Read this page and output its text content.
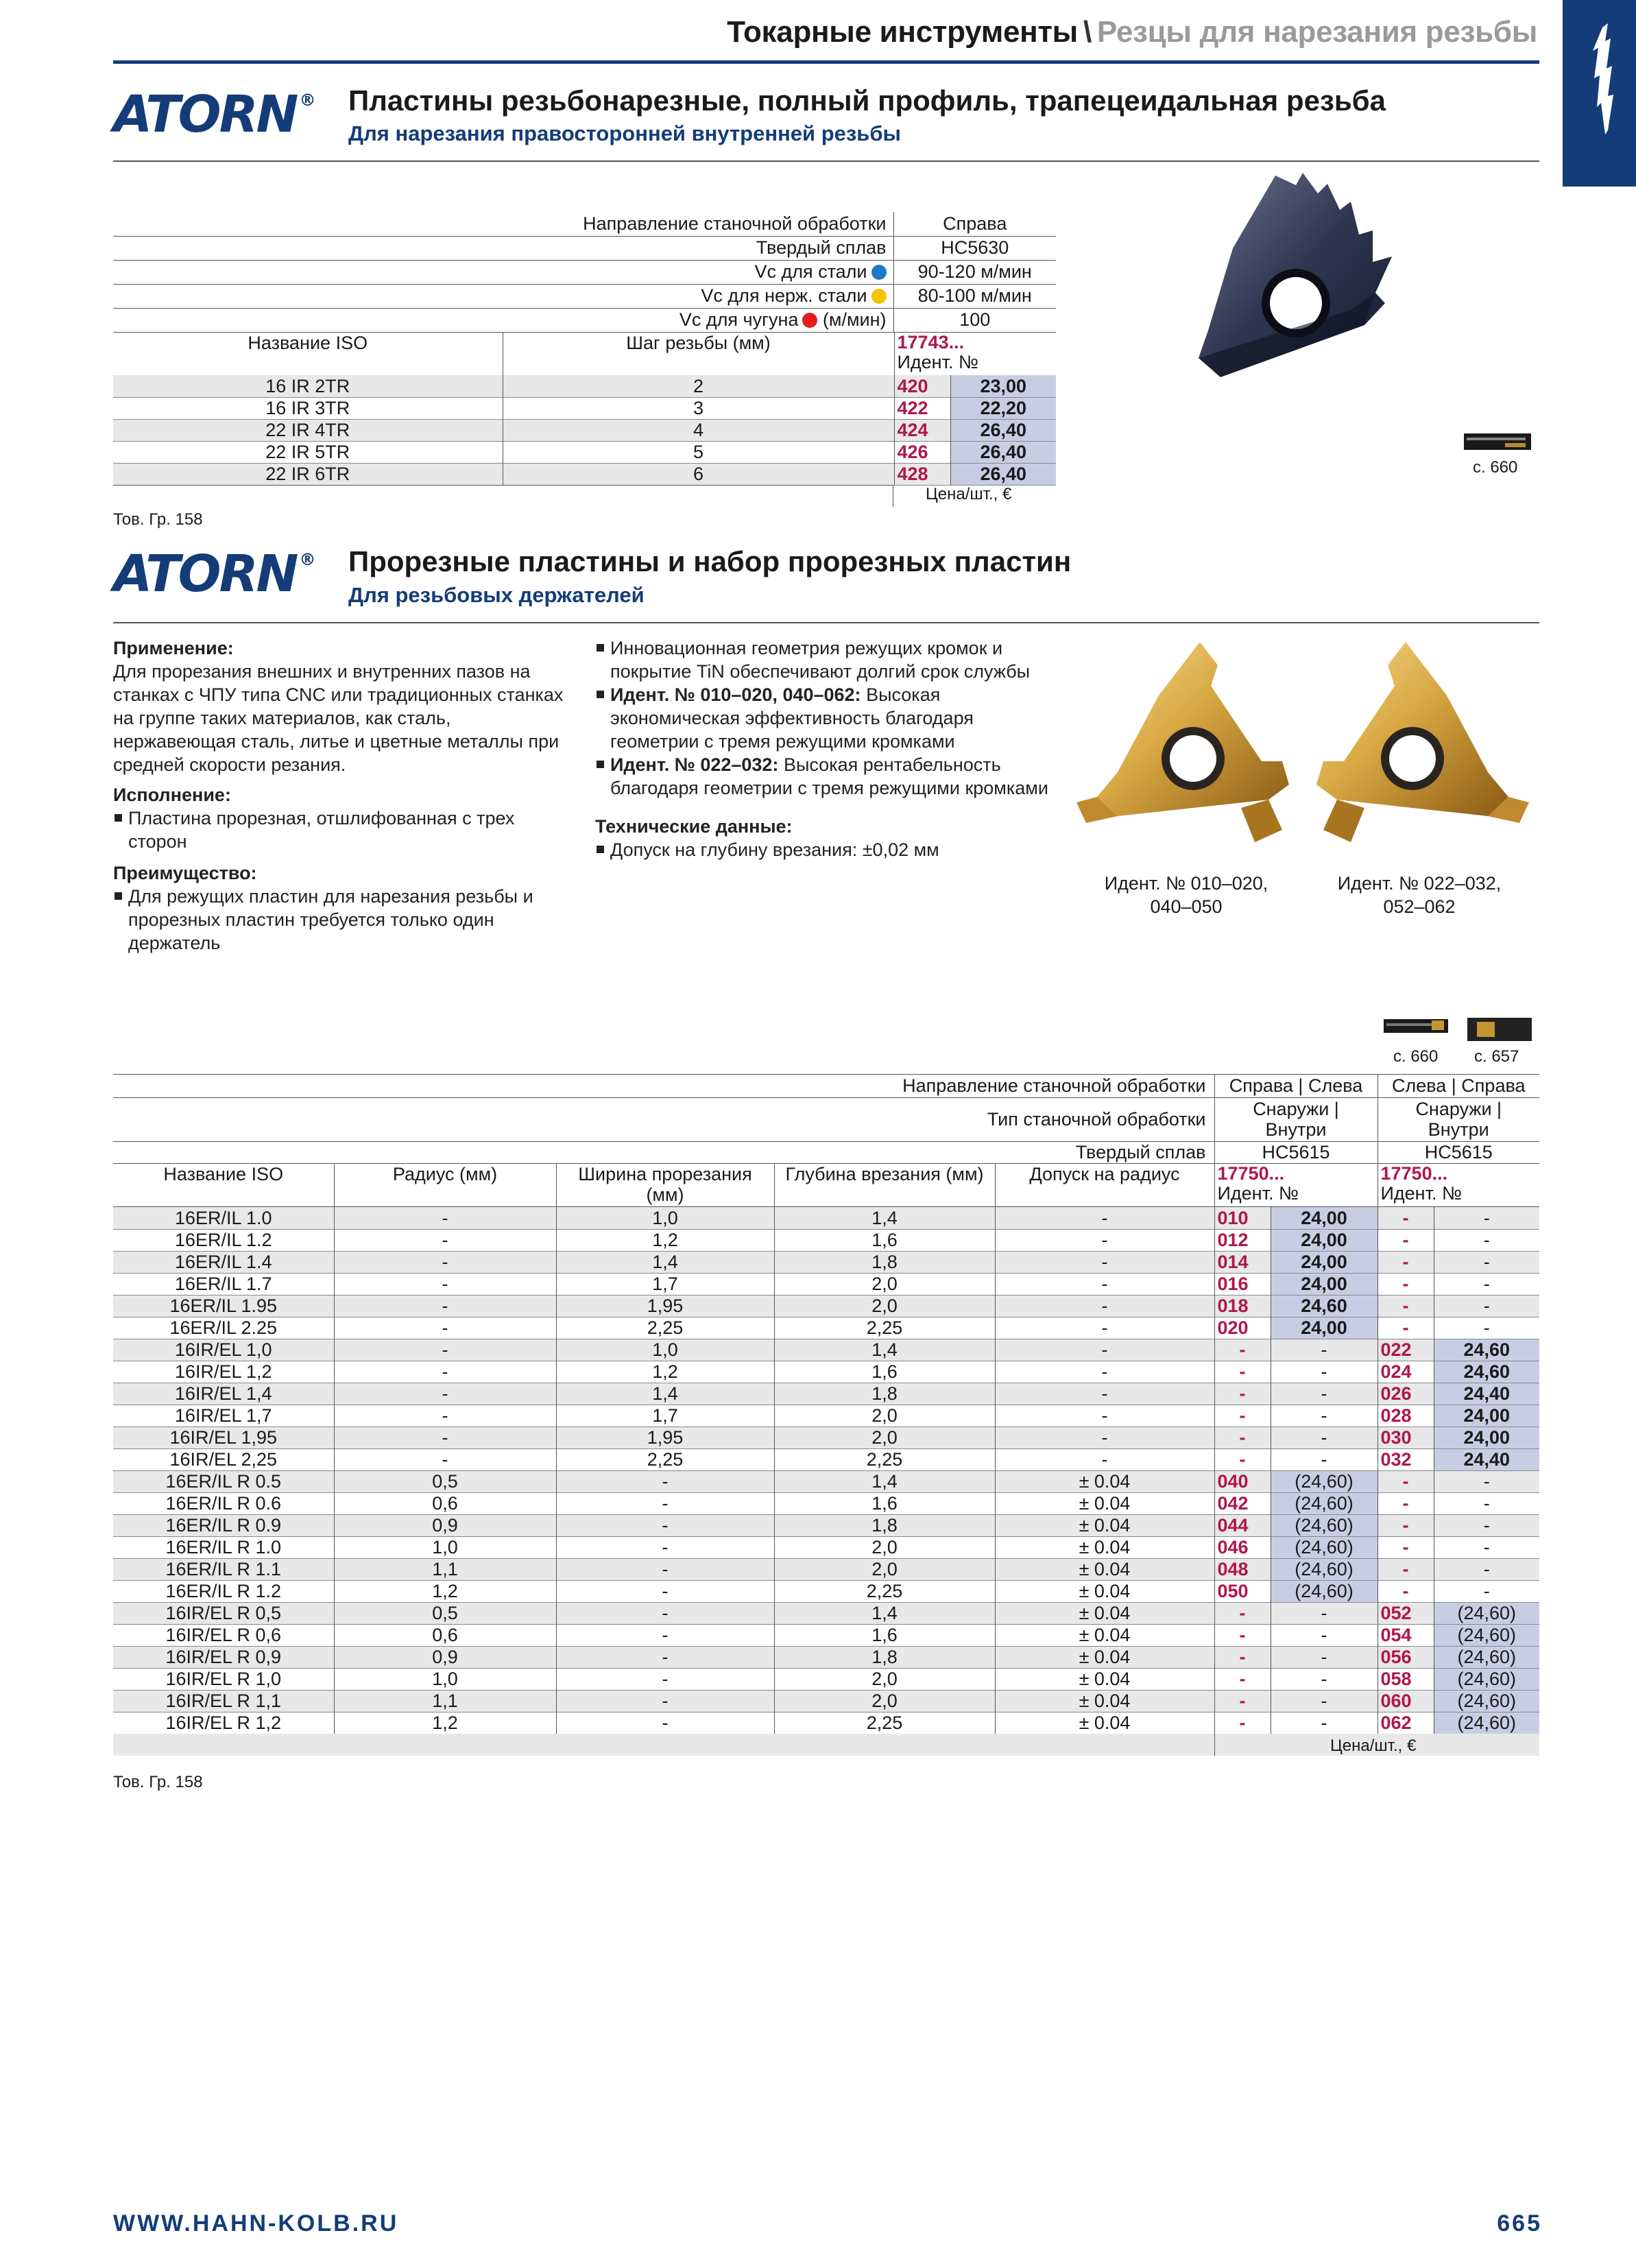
Токарные инструменты \ Резцы для нарезания резьбы
ATORN ® Пластины резьбонарезные, полный профиль, трапецеидальная резьба
Для нарезания правосторонней внутренней резьбы
Направление станочной обработки	Справа
Твердый сплав	HC5630
Vc для стали	90-120 м/мин
Vc для нерж. стали	80-100 м/мин
Vc для чугуна (м/мин)	100
Название ISO	Шаг резьбы (мм)	17743...
Идент. №
16 IR 2TR	2	420	23,00
16 IR 3TR	3	422	22,20
22 IR 4TR	4	424	26,40
22 IR 5TR	5	426	26,40
22 IR 6TR	6	428	26,40
Цена/шт., €
Тов. Гр. 158
с. 660
ATORN ® Прорезные пластины и набор прорезных пластин
Для резьбовых держателей
Применение:
Для прорезания внешних и внутренних пазов на станках с ЧПУ типа CNC или традиционных станках на группе таких материалов, как сталь, нержавеющая сталь, литье и цветные металлы при средней скорости резания.
Исполнение:
Пластина прорезная, отшлифованная с трех сторон
Преимущество:
Для режущих пластин для нарезания резьбы и прорезных пластин требуется только один держатель
Инновационная геометрия режущих кромок и покрытие TiN обеспечивают долгий срок службы
Идент. № 010–020, 040–062: Высокая экономическая эффективность благодаря геометрии с тремя режущими кромками
Идент. № 022–032: Высокая рентабельность благодаря геометрии с тремя режущими кромками
Технические данные:
Допуск на глубину врезания: ±0,02 мм
Идент. № 010–020,
040–050
Идент. № 022–032,
052–062
с. 660 с. 657
Направление станочной обработки	Справа | Слева	Слева | Справа
Тип станочной обработки	Снаружи | Внутри	Снаружи | Внутри
Твердый сплав	HC5615	HC5615
Название ISO	Радиус (мм)	Ширина прорезания (мм)	Глубина врезания (мм)	Допуск на радиус	17750...
Идент. №	17750...
Идент. №
16ER/IL 1.0	-	1,0	1,4	-	010	24,00	-	-
16ER/IL 1.2	-	1,2	1,6	-	012	24,00	-	-
16ER/IL 1.4	-	1,4	1,8	-	014	24,00	-	-
16ER/IL 1.7	-	1,7	2,0	-	016	24,00	-	-
16ER/IL 1.95	-	1,95	2,0	-	018	24,60	-	-
16ER/IL 2.25	-	2,25	2,25	-	020	24,00	-	-
16IR/EL 1,0	-	1,0	1,4	-	-	-	022	24,60
16IR/EL 1,2	-	1,2	1,6	-	-	-	024	24,60
16IR/EL 1,4	-	1,4	1,8	-	-	-	026	24,40
16IR/EL 1,7	-	1,7	2,0	-	-	-	028	24,00
16IR/EL 1,95	-	1,95	2,0	-	-	-	030	24,00
16IR/EL 2,25	-	2,25	2,25	-	-	-	032	24,40
16ER/IL R 0.5	0,5	-	1,4	± 0.04	040	(24,60)	-	-
16ER/IL R 0.6	0,6	-	1,6	± 0.04	042	(24,60)	-	-
16ER/IL R 0.9	0,9	-	1,8	± 0.04	044	(24,60)	-	-
16ER/IL R 1.0	1,0	-	2,0	± 0.04	046	(24,60)	-	-
16ER/IL R 1.1	1,1	-	2,0	± 0.04	048	(24,60)	-	-
16ER/IL R 1.2	1,2	-	2,25	± 0.04	050	(24,60)	-	-
16IR/EL R 0,5	0,5	-	1,4	± 0.04	-	-	052	(24,60)
16IR/EL R 0,6	0,6	-	1,6	± 0.04	-	-	054	(24,60)
16IR/EL R 0,9	0,9	-	1,8	± 0.04	-	-	056	(24,60)
16IR/EL R 1,0	1,0	-	2,0	± 0.04	-	-	058	(24,60)
16IR/EL R 1,1	1,1	-	2,0	± 0.04	-	-	060	(24,60)
16IR/EL R 1,2	1,2	-	2,25	± 0.04	-	-	062	(24,60)
Цена/шт., €
Тов. Гр. 158
WWW.HAHN-KOLB.RU	665
